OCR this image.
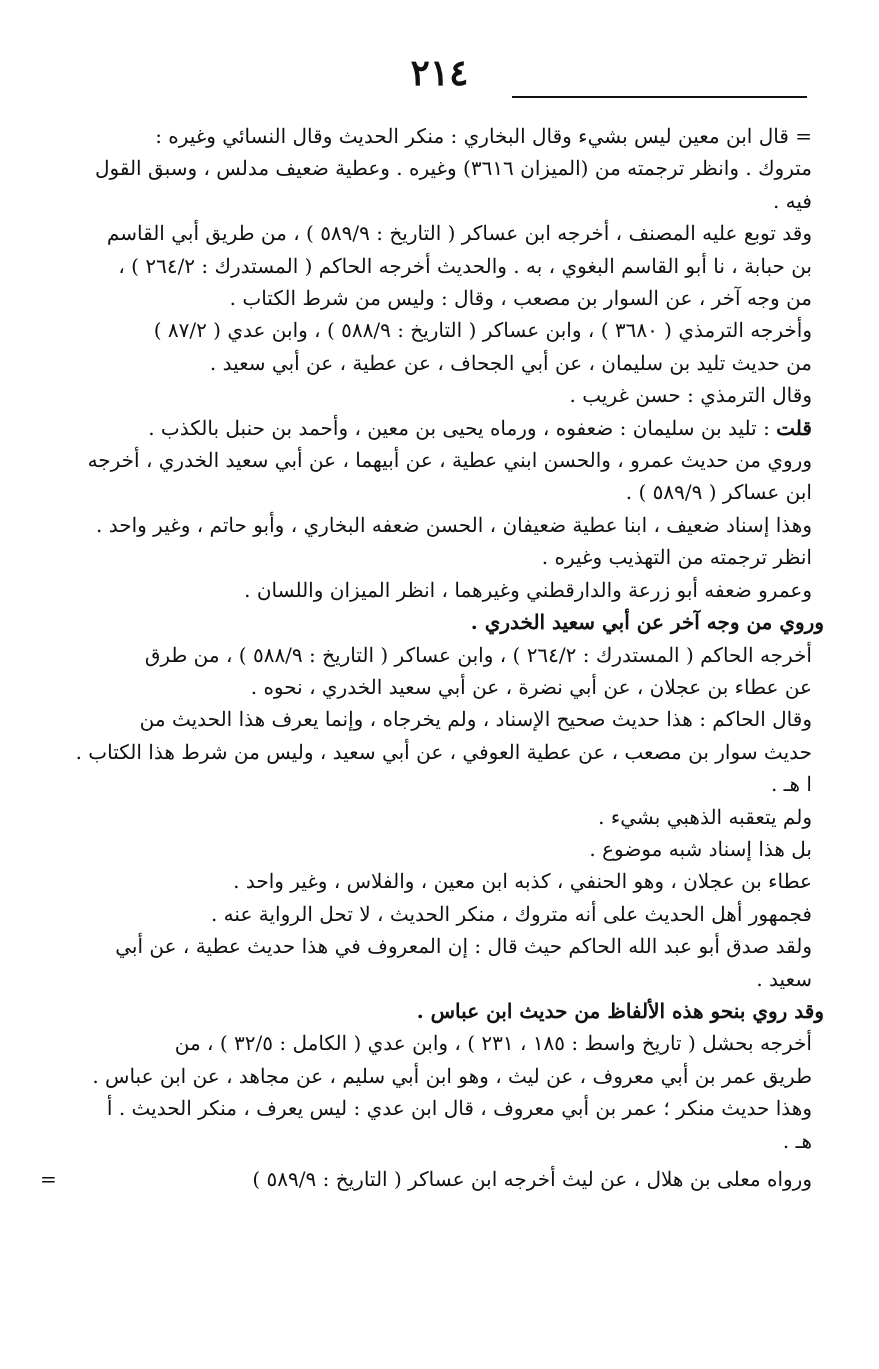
٢١٤

= قال ابن معين ليس بشيء وقال البخاري : منكر الحديث وقال النسائي وغيره :

متروك . وانظر ترجمته من (الميزان ٣٦١٦) وغيره . وعطية ضعيف مدلس ، وسبق القول

فيه .

وقد توبع عليه المصنف ، أخرجه ابن عساكر ( التاريخ : ٥٨٩/٩ ) ، من طريق أبي القاسم

بن حبابة ، نا أبو القاسم البغوي ، به . والحديث أخرجه الحاكم ( المستدرك : ٢٦٤/٢ ) ،

من وجه آخر ، عن السوار بن مصعب ، وقال : وليس من شرط الكتاب .

وأخرجه الترمذي ( ٣٦٨٠ ) ، وابن عساكر ( التاريخ : ٥٨٨/٩ ) ، وابن عدي ( ٨٧/٢ )

من حديث تليد بن سليمان ، عن أبي الجحاف ، عن عطية ، عن أبي سعيد .

وقال الترمذي : حسن غريب .

قلت : تليد بن سليمان : ضعفوه ، ورماه يحيى بن معين ، وأحمد بن حنبل بالكذب .

وروي من حديث عمرو ، والحسن ابني عطية ، عن أبيهما ، عن أبي سعيد الخدري ، أخرجه

ابن عساكر ( ٥٨٩/٩ ) .

وهذا إسناد ضعيف ، ابنا عطية ضعيفان ، الحسن ضعفه البخاري ، وأبو حاتم ، وغير واحد .

انظر ترجمته من التهذيب وغيره .

وعمرو ضعفه أبو زرعة والدارقطني وغيرهما ، انظر الميزان واللسان .

وروي من وجه آخر عن أبي سعيد الخدري .

أخرجه الحاكم ( المستدرك : ٢٦٤/٢ ) ، وابن عساكر ( التاريخ : ٥٨٨/٩ ) ، من طرق

عن عطاء بن عجلان ، عن أبي نضرة ، عن أبي سعيد الخدري ، نحوه .

وقال الحاكم : هذا حديث صحيح الإسناد ، ولم يخرجاه ، وإنما يعرف هذا الحديث من

حديث سوار بن مصعب ، عن عطية العوفي ، عن أبي سعيد ، وليس من شرط هذا الكتاب .

ا هـ .

ولم يتعقبه الذهبي بشيء .

بل هذا إسناد شبه موضوع .

عطاء بن عجلان ، وهو الحنفي ، كذبه ابن معين ، والفلاس ، وغير واحد .

فجمهور أهل الحديث على أنه متروك ، منكر الحديث ، لا تحل الرواية عنه .

ولقد صدق أبو عبد الله الحاكم حيث قال : إن المعروف في هذا حديث عطية ، عن أبي

سعيد .

وقد روي بنحو هذه الألفاظ من حديث ابن عباس .

أخرجه بحشل ( تاريخ واسط : ١٨٥ ، ٢٣١ ) ، وابن عدي ( الكامل : ٣٢/٥ ) ، من

طريق عمر بن أبي معروف ، عن ليث ، وهو ابن أبي سليم ، عن مجاهد ، عن ابن عباس .

وهذا حديث منكر ؛ عمر بن أبي معروف ، قال ابن عدي : ليس يعرف ، منكر الحديث . أ

هـ .

ورواه معلى بن هلال ، عن ليث أخرجه ابن عساكر ( التاريخ : ٥٨٩/٩ )
=
